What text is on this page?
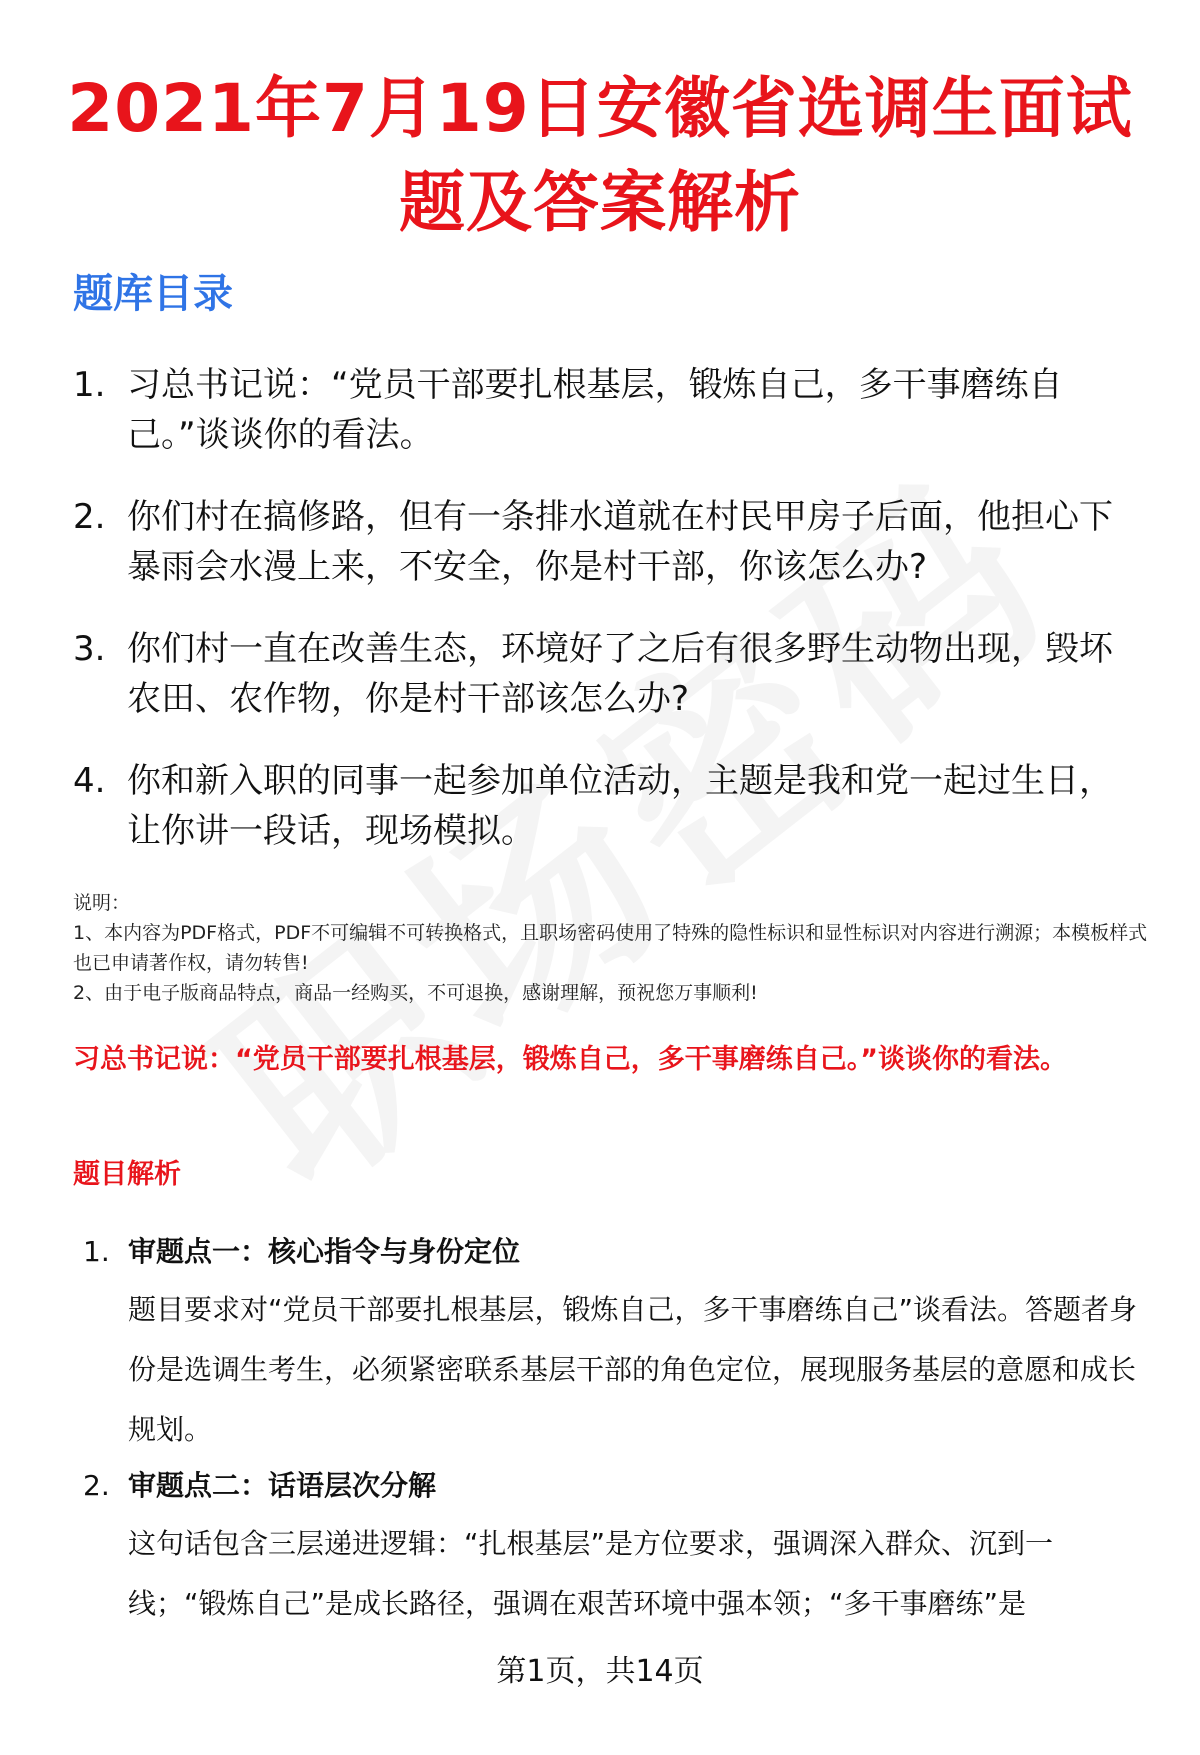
2021年7月19日安徽省选调生面试题及答案解析
题库目录
1. 习总书记说：“党员干部要扎根基层，锻炼自己，多干事磨练自己。”谈谈你的看法。
2. 你们村在搞修路，但有一条排水道就在村民甲房子后面，他担心下暴雨会水漫上来，不安全，你是村干部，你该怎么办?
3. 你们村一直在改善生态，环境好了之后有很多野生动物出现，毁坏农田、农作物，你是村干部该怎么办?
4. 你和新入职的同事一起参加单位活动，主题是我和党一起过生日，让你讲一段话，现场模拟。
说明：
1、本内容为PDF格式，PDF不可编辑不可转换格式，且职场密码使用了特殊的隐性标识和显性标识对内容进行溯源；本模板样式也已申请著作权，请勿转售!
2、由于电子版商品特点，商品一经购买，不可退换，感谢理解，预祝您万事顺利!
习总书记说：“党员干部要扎根基层，锻炼自己，多干事磨练自己。”谈谈你的看法。
题目解析
1. 审题点一：核心指令与身份定位
题目要求对“党员干部要扎根基层，锻炼自己，多干事磨练自己”谈看法。答题者身份是选调生考生，必须紧密联系基层干部的角色定位，展现服务基层的意愿和成长规划。
2. 审题点二：话语层次分解
这句话包含三层递进逻辑：“扎根基层”是方位要求，强调深入群众、沉到一线；“锻炼自己”是成长路径，强调在艰苦环境中强本领；“多干事磨练”是
第1页，共14页
